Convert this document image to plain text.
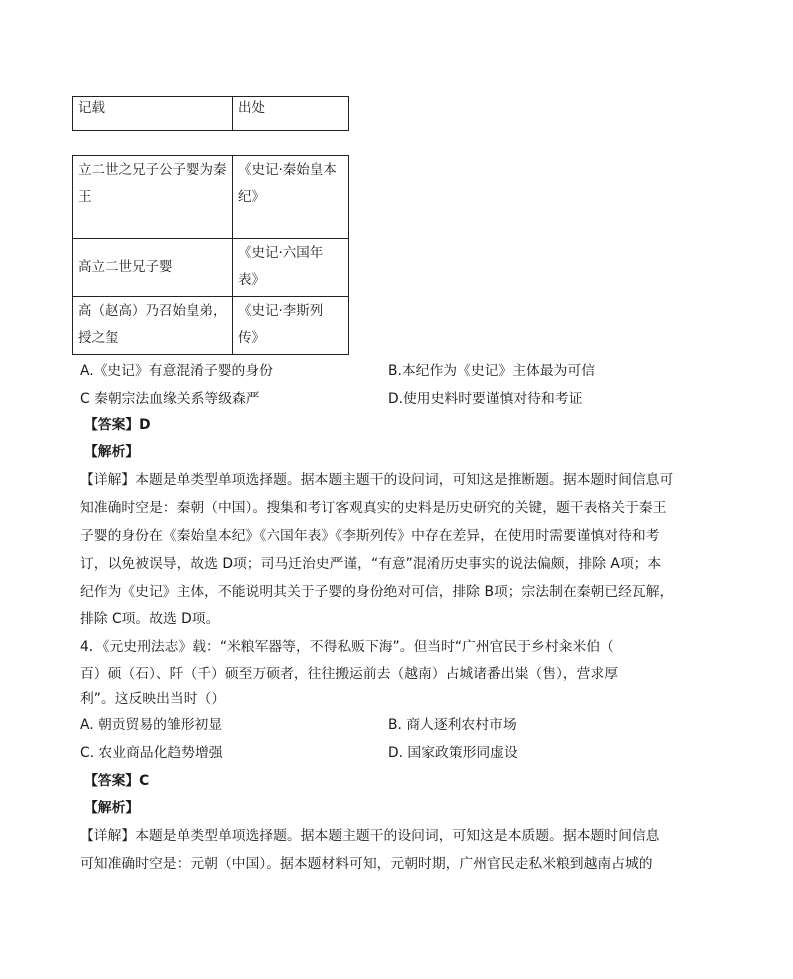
记载	出处
立二世之兄子公子婴为秦王	《史记·秦始皇本纪》
高立二世兄子婴	《史记·六国年表》
高（赵高）乃召始皇弟，授之玺	《史记·李斯列传》
A.《史记》有意混淆子婴的身份	B.本纪作为《史记》主体最为可信
C 秦朝宗法血缘关系等级森严	D.使用史料时要谨慎对待和考证
【答案】D
【解析】
【详解】本题是单类型单项选择题。据本题主题干的设问词，可知这是推断题。据本题时间信息可
知准确时空是：秦朝（中国）。搜集和考订客观真实的史料是历史研究的关键，题干表格关于秦王
子婴的身份在《秦始皇本纪》《六国年表》《李斯列传》中存在差异，在使用时需要谨慎对待和考
订，以免被误导，故选 D项；司马迁治史严谨，“有意”混淆历史事实的说法偏颇，排除 A项；本
纪作为《史记》主体，不能说明其关于子婴的身份绝对可信，排除 B项；宗法制在秦朝已经瓦解，
排除 C项。故选 D项。
4．《元史刑法志》载：“米粮军器等，不得私贩下海”。但当时“广州官民于乡村籴米伯（
百）硕（石）、阡（千）硕至万硕者，往往搬运前去（越南）占城诸番出粜（售），营求厚
利”。这反映出当时（）
A. 朝贡贸易的雏形初显	B. 商人逐利农村市场
C. 农业商品化趋势增强	D. 国家政策形同虚设
【答案】C
【解析】
【详解】本题是单类型单项选择题。据本题主题干的设问词，可知这是本质题。据本题时间信息
可知准确时空是：元朝（中国）。据本题材料可知，元朝时期，广州官民走私米粮到越南占城的
